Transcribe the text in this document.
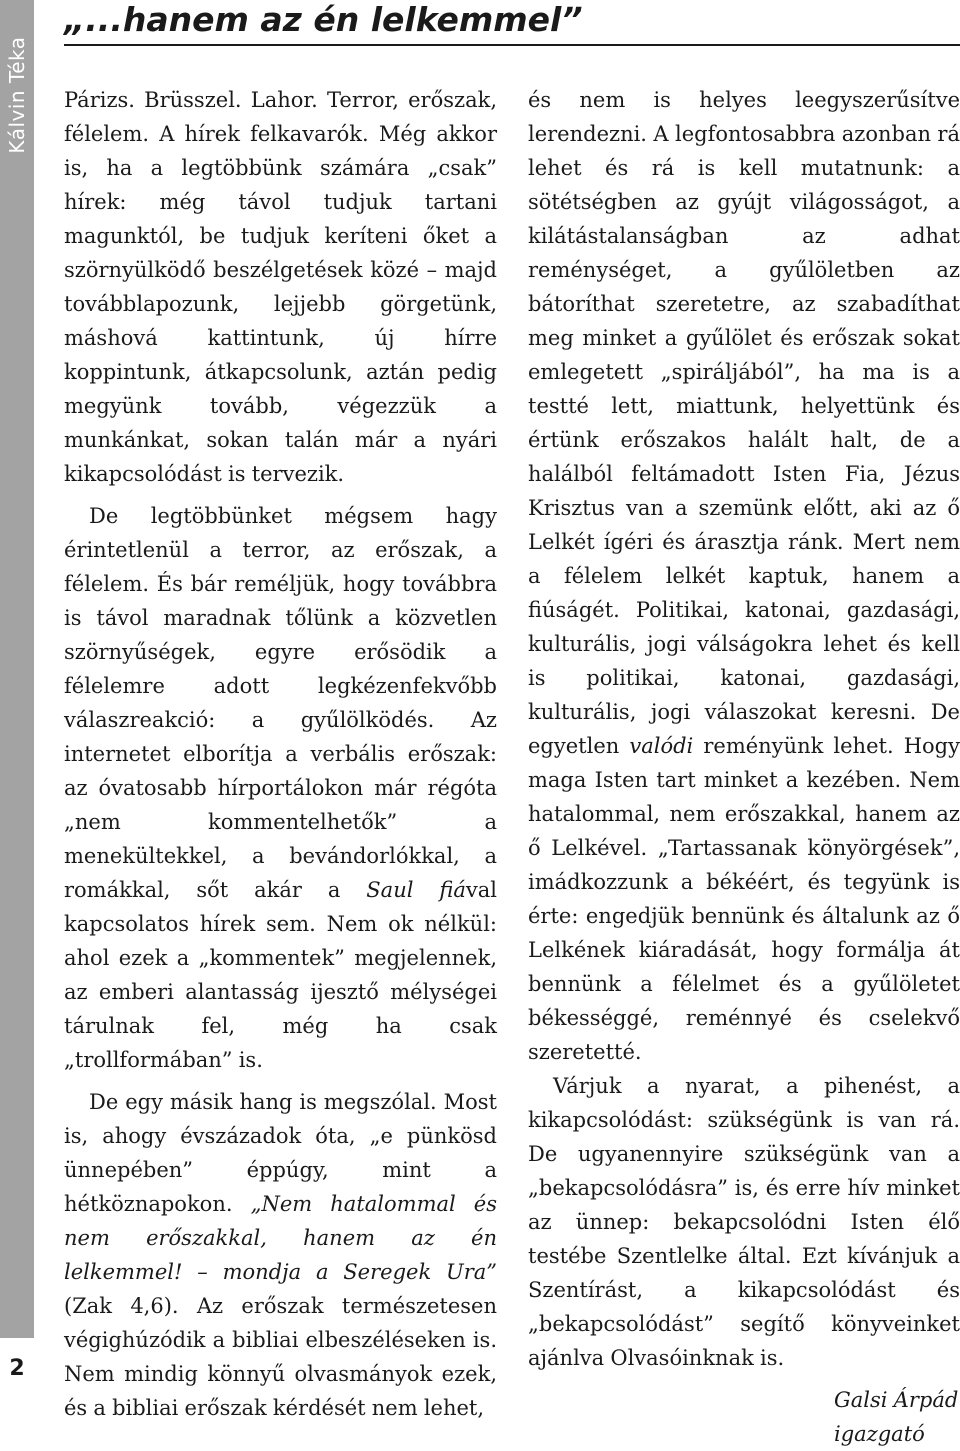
Kálvin Téka
2
„...hanem az én lelkemmel”

Párizs. Brüsszel. Lahor. Terror, erőszak, félelem. A hírek felkavarók. Még akkor is, ha a legtöbbünk számára „csak” hírek: még távol tudjuk tartani magunktól, be tudjuk keríteni őket a szörnyülködő beszélgetések közé – majd továbblapozunk, lejjebb görgetünk, máshová kattintunk, új hírre koppintunk, átkapcsolunk, aztán pedig megyünk tovább, végezzük a munkánkat, sokan talán már a nyári kikapcsolódást is tervezik.

De legtöbbünket mégsem hagy érintetlenül a terror, az erőszak, a félelem. És bár reméljük, hogy továbbra is távol maradnak tőlünk a közvetlen szörnyűségek, egyre erősödik a félelemre adott legkézenfekvőbb válaszreakció: a gyűlölködés. Az internetet elborítja a verbális erőszak: az óvatosabb hírportálokon már régóta „nem kommentelhetők” a menekültekkel, a bevándorlókkal, a romákkal, sőt akár a Saul fiával kapcsolatos hírek sem. Nem ok nélkül: ahol ezek a „kommentek” megjelennek, az emberi alantasság ijesztő mélységei tárulnak fel, még ha csak „trollformában” is.

De egy másik hang is megszólal. Most is, ahogy évszázadok óta, „e pünkösd ünnepében” éppúgy, mint a hétköznapokon. „Nem hatalommal és nem erőszakkal, hanem az én lelkemmel! – mondja a Seregek Ura” (Zak 4,6). Az erőszak természetesen végighúzódik a bibliai elbeszéléseken is. Nem mindig könnyű olvasmányok ezek, és a bibliai erőszak kérdését nem lehet,

és nem is helyes leegyszerűsítve lerendezni. A legfontosabbra azonban rá lehet és rá is kell mutatnunk: a sötétségben az gyújt világosságot, a kilátástalanságban az adhat reménységet, a gyűlöletben az bátoríthat szeretetre, az szabadíthat meg minket a gyűlölet és erőszak sokat emlegetett „spiráljából”, ha ma is a testté lett, miattunk, helyettünk és értünk erőszakos halált halt, de a halálból feltámadott Isten Fia, Jézus Krisztus van a szemünk előtt, aki az ő Lelkét ígéri és árasztja ránk. Mert nem a félelem lelkét kaptuk, hanem a fiúságét. Politikai, katonai, gazdasági, kulturális, jogi válságokra lehet és kell is politikai, katonai, gazdasági, kulturális, jogi válaszokat keresni. De egyetlen valódi reményünk lehet. Hogy maga Isten tart minket a kezében. Nem hatalommal, nem erőszakkal, hanem az ő Lelkével. „Tartassanak könyörgések”, imádkozzunk a békéért, és tegyünk is érte: engedjük bennünk és általunk az ő Lelkének kiáradását, hogy formálja át bennünk a félelmet és a gyűlöletet békességgé, reménnyé és cselekvő szeretetté.

Várjuk a nyarat, a pihenést, a kikapcsolódást: szükségünk is van rá. De ugyanennyire szükségünk van a „bekapcsolódásra” is, és erre hív minket az ünnep: bekapcsolódni Isten élő testébe Szentlelke által. Ezt kívánjuk a Szentírást, a kikapcsolódást és „bekapcsolódást” segítő könyveinket ajánlva Olvasóinknak is.

Galsi Árpád
igazgató
